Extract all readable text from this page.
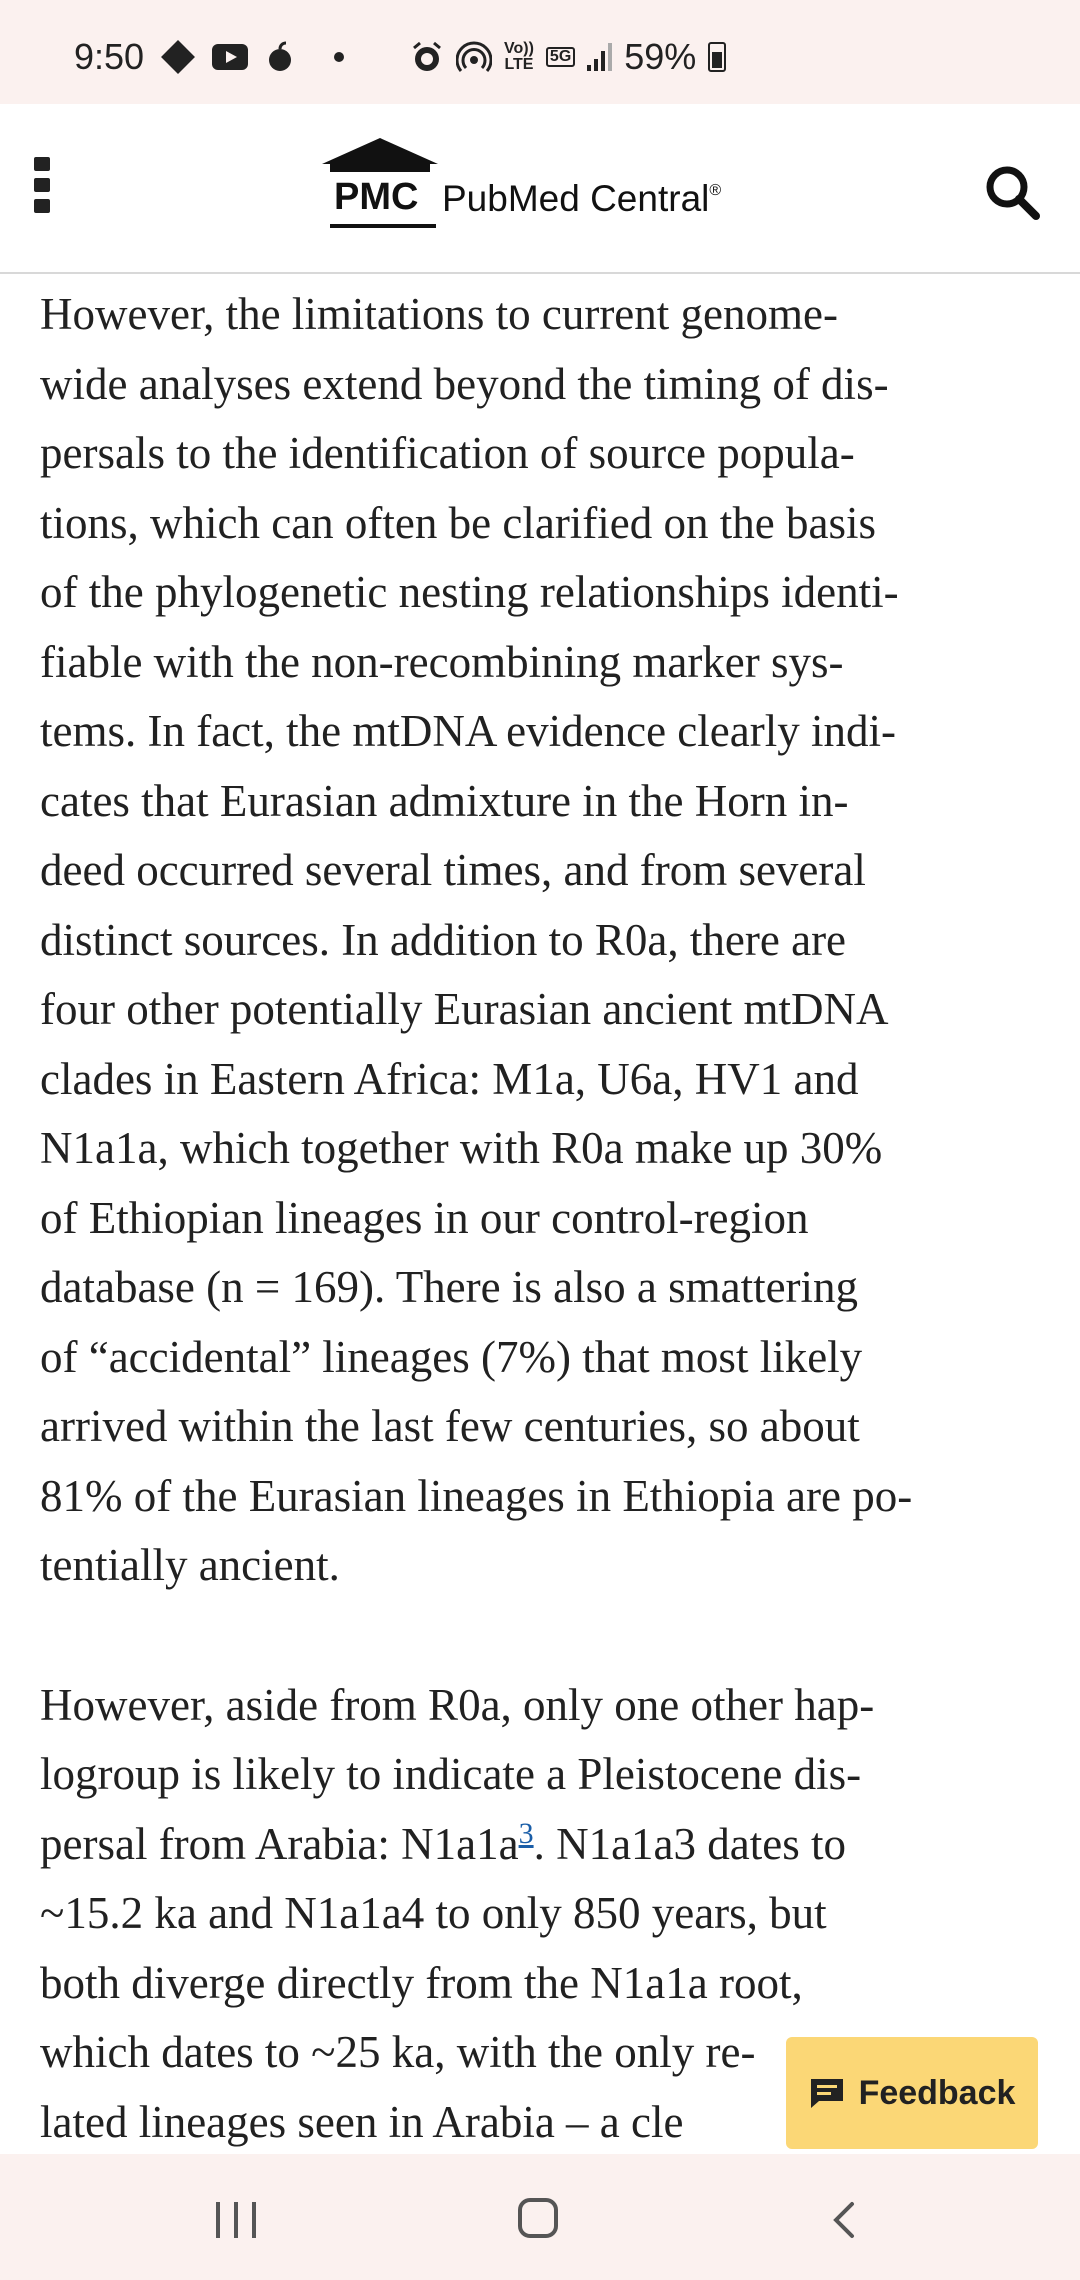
9:50	Vo))
LTE 5G 59%
PMC PubMed Central®

However, the limitations to current genome-
wide analyses extend beyond the timing of dis-
persals to the identification of source popula-
tions, which can often be clarified on the basis
of the phylogenetic nesting relationships identi-
fiable with the non-recombining marker sys-
tems. In fact, the mtDNA evidence clearly indi-
cates that Eurasian admixture in the Horn in-
deed occurred several times, and from several
distinct sources. In addition to R0a, there are
four other potentially Eurasian ancient mtDNA
clades in Eastern Africa: M1a, U6a, HV1 and
N1a1a, which together with R0a make up 30%
of Ethiopian lineages in our control-region
database (n = 169). There is also a smattering
of “accidental” lineages (7%) that most likely
arrived within the last few centuries, so about
81% of the Eurasian lineages in Ethiopia are po-
tentially ancient.

However, aside from R0a, only one other hap-
logroup is likely to indicate a Pleistocene dis-
persal from Arabia: N1a1a$^3$. N1a1a3 dates to
~15.2 ka and N1a1a4 to only 850 years, but
both diverge directly from the N1a1a root,
which dates to ~25 ka, with the only re-
lated lineages seen in Arabia – a cle

Feedback
